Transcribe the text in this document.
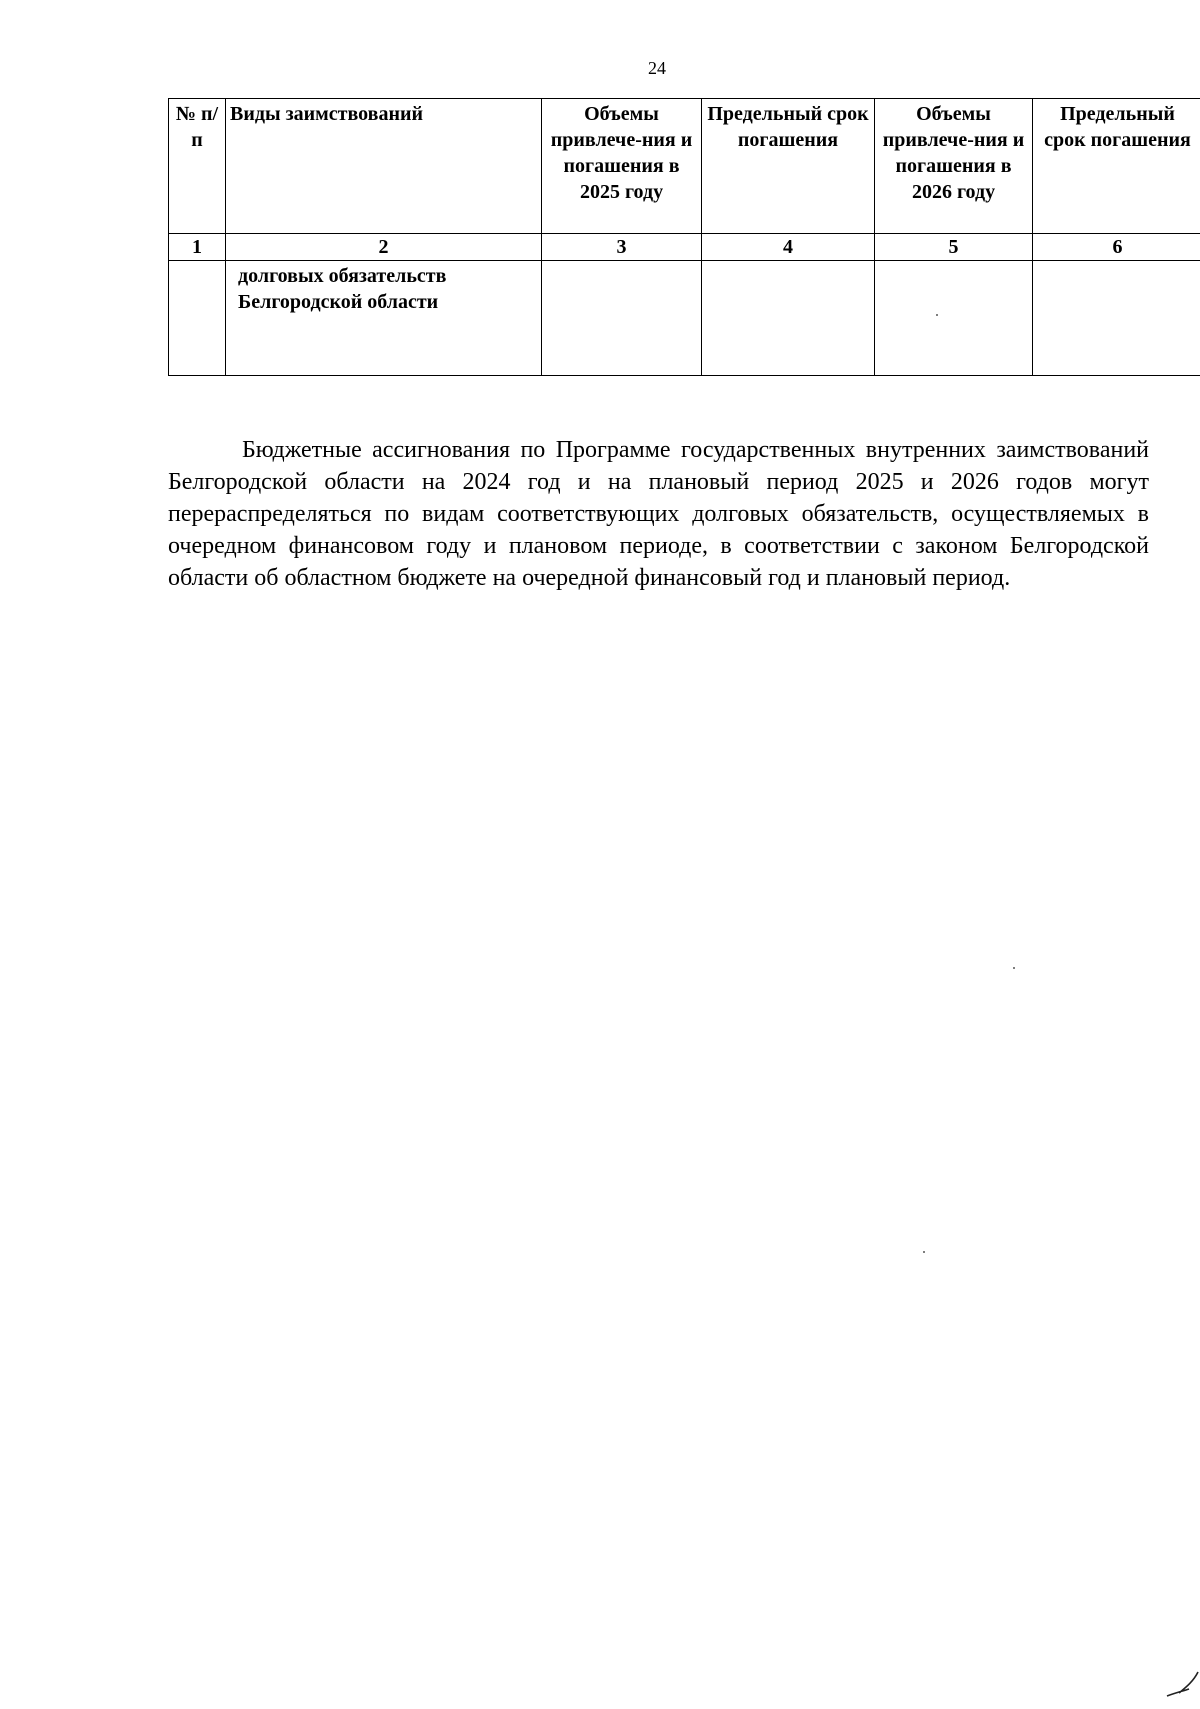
24
№ п/п	Виды заимствований	Объемы привлече-ния и погашения в 2025 году	Предельный срок погашения	Объемы привлече-ния и погашения в 2026 году	Предельный срок погашения
1	2	3	4	5	6
	долговых обязательств Белгородской области				

Бюджетные ассигнования по Программе государственных внутренних заимствований Белгородской области на 2024 год и на плановый период 2025 и 2026 годов могут перераспределяться по видам соответствующих долговых обязательств, осуществляемых в очередном финансовом году и плановом периоде, в соответствии с законом Белгородской области об областном бюджете на очередной финансовый год и плановый период.
